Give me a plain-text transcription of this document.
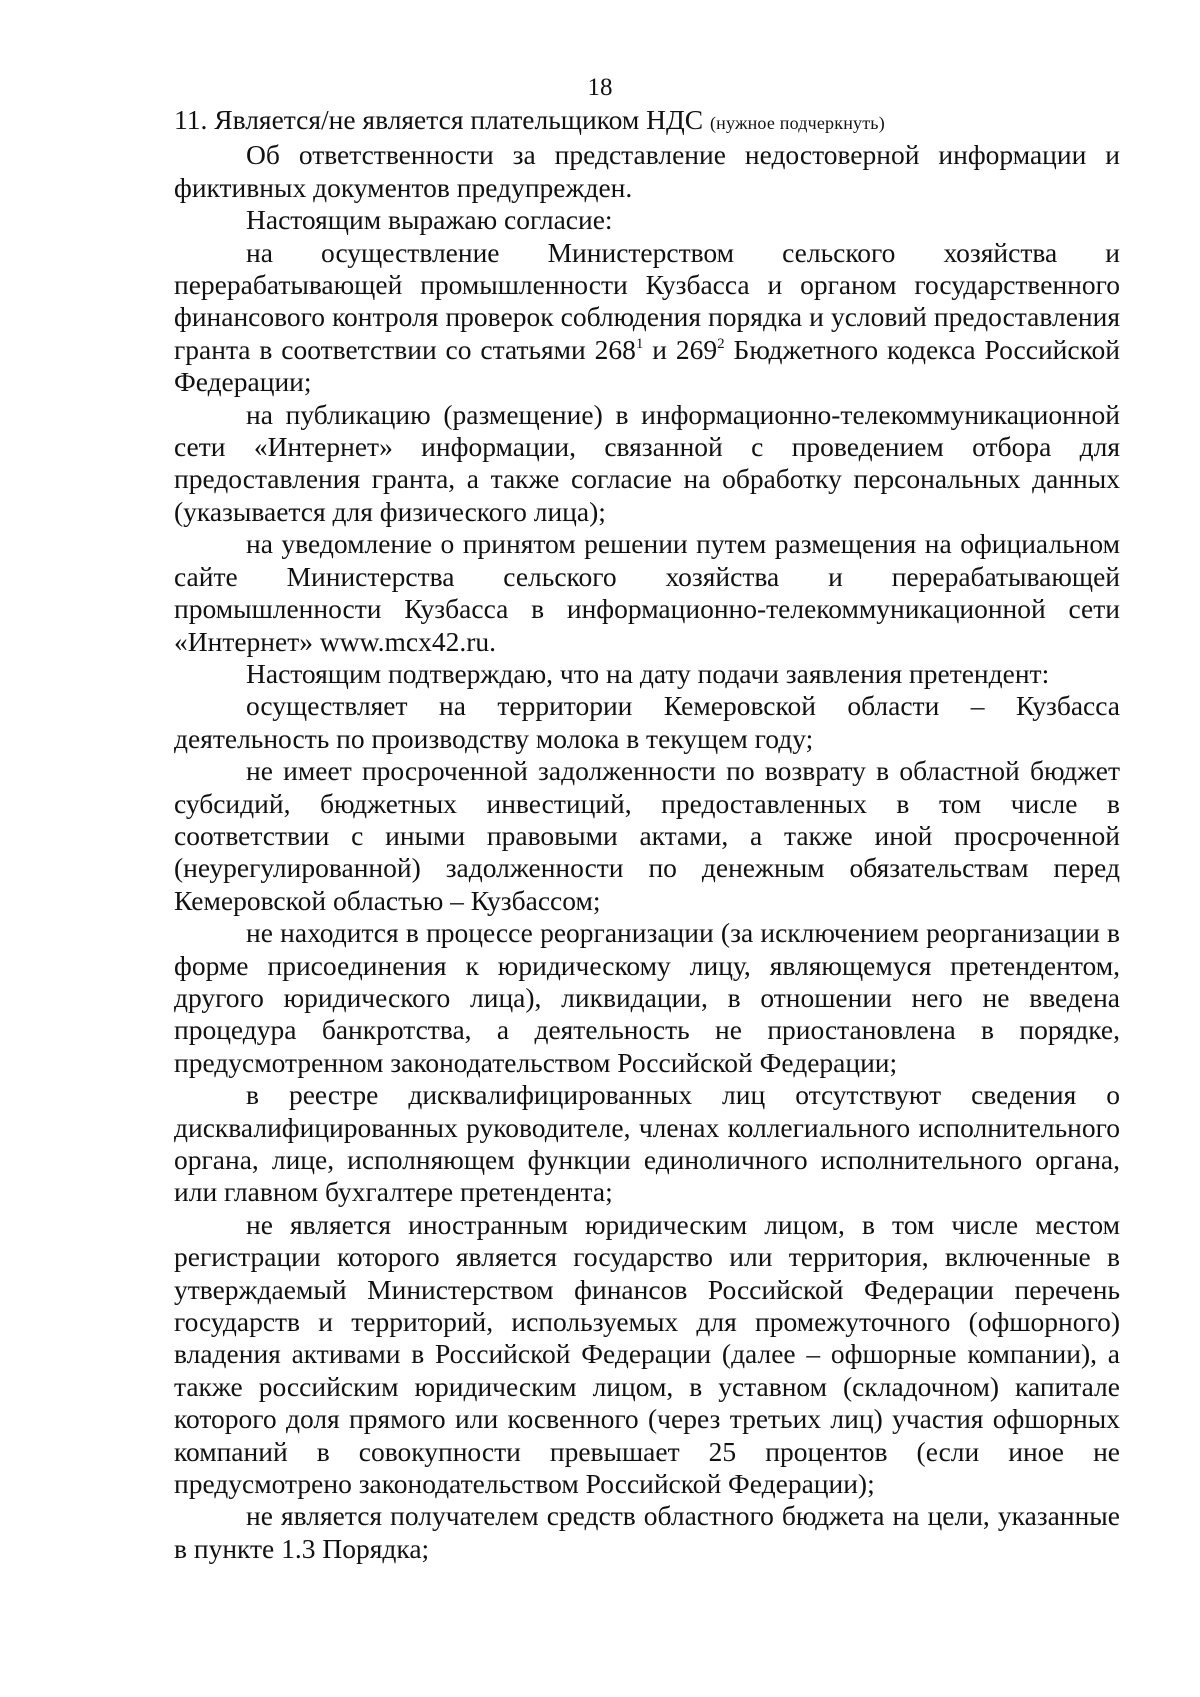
18

11. Является/не является плательщиком НДС (нужное подчеркнуть)

Об ответственности за представление недостоверной информации и фиктивных документов предупрежден.

Настоящим выражаю согласие:

на осуществление Министерством сельского хозяйства и перерабатывающей промышленности Кузбасса и органом государственного финансового контроля проверок соблюдения порядка и условий предоставления гранта в соответствии со статьями $268^1$ и $269^2$ Бюджетного кодекса Российской Федерации;

на публикацию (размещение) в информационно-телекоммуникационной сети «Интернет» информации, связанной с проведением отбора для предоставления гранта, а также согласие на обработку персональных данных (указывается для физического лица);

на уведомление о принятом решении путем размещения на официальном сайте Министерства сельского хозяйства и перерабатывающей промышленности Кузбасса в информационно-телекоммуникационной сети «Интернет» www.mcx42.ru.

Настоящим подтверждаю, что на дату подачи заявления претендент:

осуществляет на территории Кемеровской области – Кузбасса деятельность по производству молока в текущем году;

не имеет просроченной задолженности по возврату в областной бюджет субсидий, бюджетных инвестиций, предоставленных в том числе в соответствии с иными правовыми актами, а также иной просроченной (неурегулированной) задолженности по денежным обязательствам перед Кемеровской областью – Кузбассом;

не находится в процессе реорганизации (за исключением реорганизации в форме присоединения к юридическому лицу, являющемуся претендентом, другого юридического лица), ликвидации, в отношении него не введена процедура банкротства, а деятельность не приостановлена в порядке, предусмотренном законодательством Российской Федерации;

в реестре дисквалифицированных лиц отсутствуют сведения о дисквалифицированных руководителе, членах коллегиального исполнительного органа, лице, исполняющем функции единоличного исполнительного органа, или главном бухгалтере претендента;

не является иностранным юридическим лицом, в том числе местом регистрации которого является государство или территория, включенные в утверждаемый Министерством финансов Российской Федерации перечень государств и территорий, используемых для промежуточного (офшорного) владения активами в Российской Федерации (далее – офшорные компании), а также российским юридическим лицом, в уставном (складочном) капитале которого доля прямого или косвенного (через третьих лиц) участия офшорных компаний в совокупности превышает 25 процентов (если иное не предусмотрено законодательством Российской Федерации);

не является получателем средств областного бюджета на цели, указанные в пункте 1.3 Порядка;
